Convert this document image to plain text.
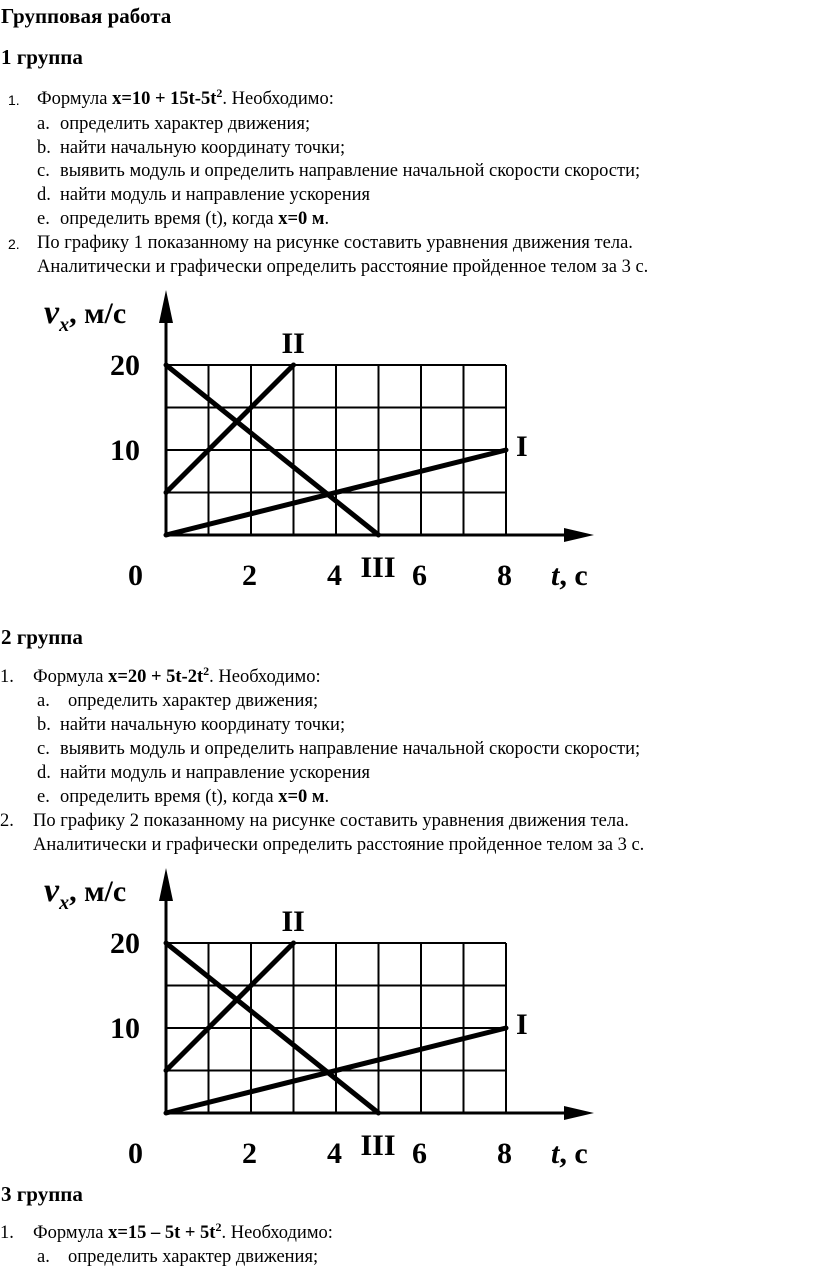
Групповая работа
1 группа
1. Формула $x=10 + 15t-5t^2$. Необходимо:
a. определить характер движения;
b. найти начальную координату точки;
c. выявить модуль и определить направление начальной скорости скорости;
d. найти модуль и направление ускорения
e. определить время (t), когда x=0 м.
2. По графику 1 показанному на рисунке составить уравнения движения тела.
Аналитически и графически определить расстояние пройденное телом за 3 с.
$v_x$, м/с
10
20
0	2 4 6 8 t, с
I
II
III
2 группа
1. Формула $x=20 + 5t-2t^2$. Необходимо:
a. определить характер движения;
b. найти начальную координату точки;
c. выявить модуль и определить направление начальной скорости скорости;
d. найти модуль и направление ускорения
e. определить время (t), когда x=0 м.
2. По графику 2 показанному на рисунке составить уравнения движения тела.
Аналитически и графически определить расстояние пройденное телом за 3 с.
$v_x$, м/с
10
20
0	2 4 6 8 t, с
I
II
III
3 группа
1. Формула $x=15 - 5t + 5t^2$. Необходимо:
a. определить характер движения;
